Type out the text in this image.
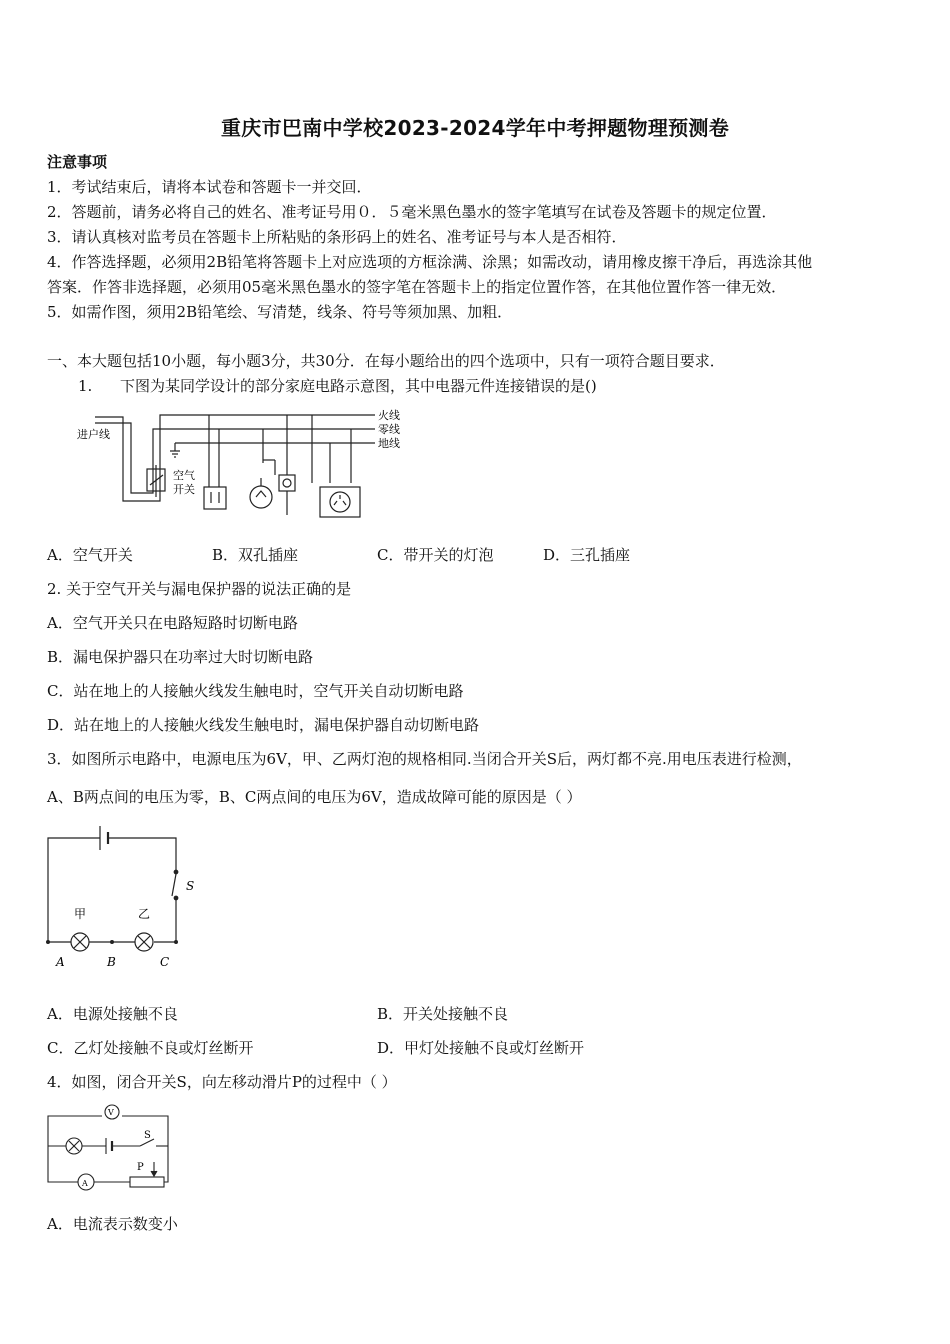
重庆市巴南中学校2023-2024学年中考押题物理预测卷
注意事项
1．考试结束后，请将本试卷和答题卡一并交回．
2．答题前，请务必将自己的姓名、准考证号用０．５毫米黑色墨水的签字笔填写在试卷及答题卡的规定位置．
3．请认真核对监考员在答题卡上所粘贴的条形码上的姓名、准考证号与本人是否相符．
4．作答选择题，必须用2B铅笔将答题卡上对应选项的方框涂满、涂黑；如需改动，请用橡皮擦干净后，再选涂其他
答案．作答非选择题，必须用05毫米黑色墨水的签字笔在答题卡上的指定位置作答，在其他位置作答一律无效．
5．如需作图，须用2B铅笔绘、写清楚，线条、符号等须加黑、加粗．
一、本大题包括10小题，每小题3分，共30分．在每小题给出的四个选项中，只有一项符合题目要求．
1. 下图为某同学设计的部分家庭电路示意图，其中电器元件连接错误的是()
火线
零线
地线
进户线
空气
开关
A．空气开关	B．双孔插座	C．带开关的灯泡	D．三孔插座
2. 关于空气开关与漏电保护器的说法正确的是
A．空气开关只在电路短路时切断电路
B．漏电保护器只在功率过大时切断电路
C．站在地上的人接触火线发生触电时，空气开关自动切断电路
D．站在地上的人接触火线发生触电时，漏电保护器自动切断电路
3．如图所示电路中，电源电压为6V，甲、乙两灯泡的规格相同.当闭合开关S后，两灯都不亮.用电压表进行检测，
A、B两点间的电压为零，B、C两点间的电压为6V，造成故障可能的原因是（ ）
甲	乙
S
A	B	C
A．电源处接触不良	B．开关处接触不良
C．乙灯处接触不良或灯丝断开	D．甲灯处接触不良或灯丝断开
4．如图，闭合开关S，向左移动滑片P的过程中（ ）
V
A
S
P
A．电流表示数变小
